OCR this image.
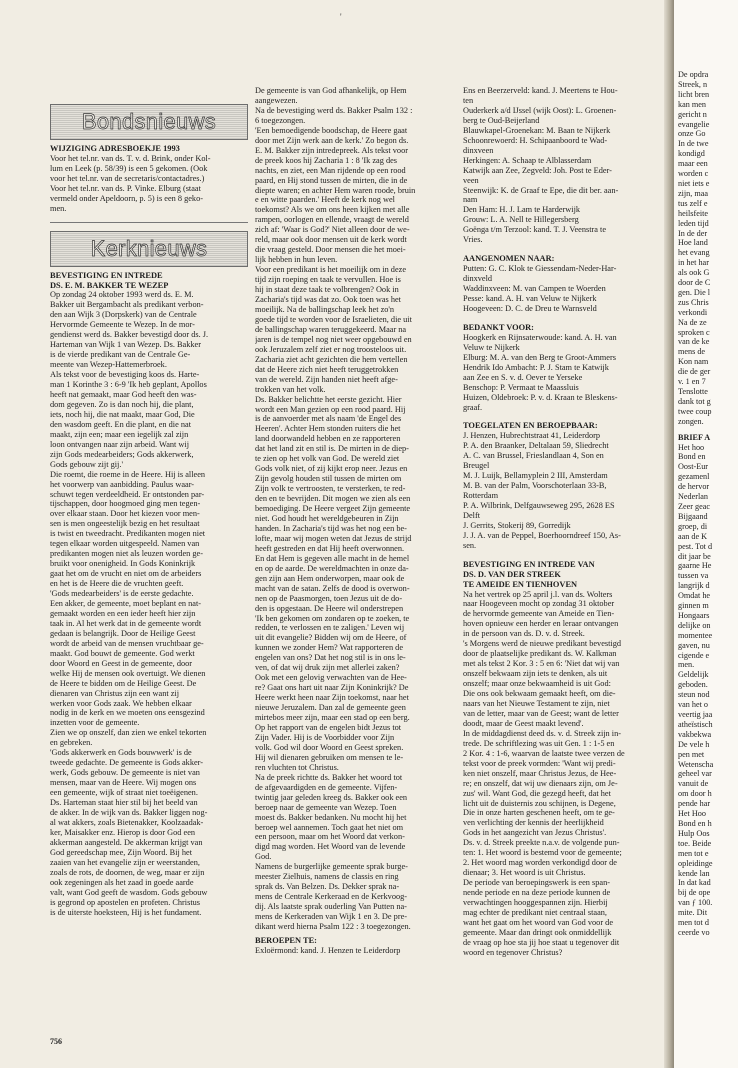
'
Bondsnieuws
WIJZIGING ADRESBOEKJE 1993
Voor het tel.nr. van ds. T. v. d. Brink, onder Kol-
lum en Leek (p. 58/39) is een 5 gekomen. (Ook
voor het tel.nr. van de secretaris/contactadres.)
Voor het tel.nr. van ds. P. Vinke. Elburg (staat
vermeld onder Apeldoorn, p. 5) is een 8 geko-
men.
Kerknieuws
BEVESTIGING EN INTREDE
DS. E. M. BAKKER TE WEZEP
Op zondag 24 oktober 1993 werd ds. E. M.
Bakker uit Bergambacht als predikant verbon-
den aan Wijk 3 (Dorpskerk) van de Centrale
Hervormde Gemeente te Wezep. In de mor-
gendienst werd ds. Bakker bevestigd door ds. J.
Harteman van Wijk 1 van Wezep. Ds. Bakker
is de vierde predikant van de Centrale Ge-
meente van Wezep-Hattemerbroek.
Als tekst voor de bevestiging koos ds. Harte-
man 1 Korinthe 3 : 6-9 'Ik heb geplant, Apollos
heeft nat gemaakt, maar God heeft den was-
dom gegeven. Zo is dan noch hij, die plant,
iets, noch hij, die nat maakt, maar God, Die
den wasdom geeft. En die plant, en die nat
maakt, zijn een; maar een iegelijk zal zijn
loon ontvangen naar zijn arbeid. Want wij
zijn Gods medearbeiders; Gods akkerwerk,
Gods gebouw zijt gij.'
Die roemt, die roeme in de Heere. Hij is alleen
het voorwerp van aanbidding. Paulus waar-
schuwt tegen verdeeldheid. Er ontstonden par-
tijschappen, door hoogmoed ging men tegen-
over elkaar staan. Door het kiezen voor men-
sen is men ongeestelijk bezig en het resultaat
is twist en tweedracht. Predikanten mogen niet
tegen elkaar worden uitgespeeld. Namen van
predikanten mogen niet als leuzen worden ge-
bruikt voor onenigheid. In Gods Koninkrijk
gaat het om de vrucht en niet om de arbeiders
en het is de Heere die de vruchten geeft.
'Gods medearbeiders' is de eerste gedachte.
Een akker, de gemeente, moet beplant en nat-
gemaakt worden en een ieder heeft hier zijn
taak in. Al het werk dat in de gemeente wordt
gedaan is belangrijk. Door de Heilige Geest
wordt de arbeid van de mensen vruchtbaar ge-
maakt. God bouwt de gemeente. God werkt
door Woord en Geest in de gemeente, door
welke Hij de mensen ook overtuigt. We dienen
de Heere te bidden om de Heilige Geest. De
dienaren van Christus zijn een want zij
werken voor Gods zaak. We hebben elkaar
nodig in de kerk en we moeten ons eensgezind
inzetten voor de gemeente.
Zien we op onszelf, dan zien we enkel tekorten
en gebreken.
'Gods akkerwerk en Gods bouwwerk' is de
tweede gedachte. De gemeente is Gods akker-
werk, Gods gebouw. De gemeente is niet van
mensen, maar van de Heere. Wij mogen ons
een gemeente, wijk of straat niet toeëigenen.
Ds. Harteman staat hier stil bij het beeld van
de akker. In de wijk van ds. Bakker liggen nog-
al wat akkers, zoals Bietenakker, Koolzaadak-
ker, Maisakker enz. Hierop is door God een
akkerman aangesteld. De akkerman krijgt van
God gereedschap mee, Zijn Woord. Bij het
zaaien van het evangelie zijn er weerstanden,
zoals de rots, de doornen, de weg, maar er zijn
ook zegeningen als het zaad in goede aarde
valt, want God geeft de wasdom. Gods gebouw
is gegrond op apostelen en profeten. Christus
is de uiterste hoeksteen, Hij is het fundament.
De gemeente is van God afhankelijk, op Hem
aangewezen.
Na de bevestiging werd ds. Bakker Psalm 132 :
6 toegezongen.
'Een bemoedigende boodschap, de Heere gaat
door met Zijn werk aan de kerk.' Zo begon ds.
E. M. Bakker zijn intredepreek. Als tekst voor
de preek koos hij Zacharia 1 : 8 'Ik zag des
nachts, en ziet, een Man rijdende op een rood
paard, en Hij stond tussen de mirten, die in de
diepte waren; en achter Hem waren roode, bruin
e en witte paarden.' Heeft de kerk nog wel
toekomst? Als we om ons heen kijken met alle
rampen, oorlogen en ellende, vraagt de wereld
zich af: 'Waar is God?' Niet alleen door de we-
reld, maar ook door mensen uit de kerk wordt
die vraag gesteld. Door mensen die het moei-
lijk hebben in hun leven.
Voor een predikant is het moeilijk om in deze
tijd zijn roeping en taak te vervullen. Hoe is
hij in staat deze taak te volbrengen? Ook in
Zacharia's tijd was dat zo. Ook toen was het
moeilijk. Na de ballingschap leek het zo'n
goede tijd te worden voor de Israelieten, die uit
de ballingschap waren teruggekeerd. Maar na
jaren is de tempel nog niet weer opgebouwd en
ook Jeruzalem zelf ziet er nog troosteloos uit.
Zacharia ziet acht gezichten die hem vertellen
dat de Heere zich niet heeft teruggetrokken
van de wereld. Zijn handen niet heeft afge-
trokken van het volk.
Ds. Bakker belichtte het eerste gezicht. Hier
wordt een Man gezien op een rood paard. Hij
is de aanvoerder met als naam 'de Engel des
Heeren'. Achter Hem stonden ruiters die het
land doorwandeld hebben en ze rapporteren
dat het land zit en stil is. De mirten in de diep-
te zien op het volk van God. De wereld ziet
Gods volk niet, of zij kijkt erop neer. Jezus en
Zijn gevolg houden stil tussen de mirten om
Zijn volk te vertroosten, te versterken, te red-
den en te bevrijden. Dit mogen we zien als een
bemoediging. De Heere vergeet Zijn gemeente
niet. God houdt het wereldgebeuren in Zijn
handen. In Zacharia's tijd was het nog een be-
lofte, maar wij mogen weten dat Jezus de strijd
heeft gestreden en dat Hij heeft overwonnen.
En dat Hem is gegeven alle macht in de hemel
en op de aarde. De wereldmachten in onze da-
gen zijn aan Hem onderworpen, maar ook de
macht van de satan. Zelfs de dood is overwon-
nen op de Paasmorgen, toen Jezus uit de do-
den is opgestaan. De Heere wil onderstrepen
'Ik ben gekomen om zondaren op te zoeken, te
redden, te verlossen en te zaligen.' Leven wij
uit dit evangelie? Bidden wij om de Heere, of
kunnen we zonder Hem? Wat rapporteren de
engelen van ons? Dat het nog stil is in ons le-
ven, of dat wij druk zijn met allerlei zaken?
Ook met een gelovig verwachten van de Hee-
re? Gaat ons hart uit naar Zijn Koninkrijk? De
Heere werkt heen naar Zijn toekomst, naar het
nieuwe Jeruzalem. Dan zal de gemeente geen
mirtebos meer zijn, maar een stad op een berg.
Op het rapport van de engelen bidt Jezus tot
Zijn Vader. Hij is de Voorbidder voor Zijn
volk. God wil door Woord en Geest spreken.
Hij wil dienaren gebruiken om mensen te le-
ren vluchten tot Christus.
Na de preek richtte ds. Bakker het woord tot
de afgevaardigden en de gemeente. Vijfen-
twintig jaar geleden kreeg ds. Bakker ook een
beroep naar de gemeente van Wezep. Toen
moest ds. Bakker bedanken. Nu mocht hij het
beroep wel aannemen. Toch gaat het niet om
een persoon, maar om het Woord dat verkon-
digd mag worden. Het Woord van de levende
God.
Namens de burgerlijke gemeente sprak burge-
meester Zielhuis, namens de classis en ring
sprak ds. Van Belzen. Ds. Dekker sprak na-
mens de Centrale Kerkeraad en de Kerkvoog-
dij. Als laatste sprak ouderling Van Putten na-
mens de Kerkeraden van Wijk 1 en 3. De pre-
dikant werd hierna Psalm 122 : 3 toegezongen.
BEROEPEN TE:
Exloërmond: kand. J. Henzen te Leiderdorp
Ens en Beerzerveld: kand. J. Meertens te Hou-
ten
Ouderkerk a/d IJssel (wijk Oost): L. Groenen-
berg te Oud-Beijerland
Blauwkapel-Groenekan: M. Baan te Nijkerk
Schoonrewoerd: H. Schipaanboord te Wad-
dinxveen
Herkingen: A. Schaap te Alblasserdam
Katwijk aan Zee, Zegveld: Joh. Post te Eder-
veen
Steenwijk: K. de Graaf te Epe, die dit ber. aan-
nam
Den Ham: H. J. Lam te Harderwijk
Grouw: L. A. Nell te Hillegersberg
Goënga t/m Terzool: kand. T. J. Veenstra te
Vries.
AANGENOMEN NAAR:
Putten: G. C. Klok te Giessendam-Neder-Har-
dinxveld
Waddinxveen: M. van Campen te Woerden
Pesse: kand. A. H. van Veluw te Nijkerk
Hoogeveen: D. C. de Dreu te Warnsveld
BEDANKT VOOR:
Hoogkerk en Rijnsaterwoude: kand. A. H. van
Veluw te Nijkerk
Elburg: M. A. van den Berg te Groot-Ammers
Hendrik Ido Ambacht: P. J. Stam te Katwijk
aan Zee en S. v. d. Oever te Yerseke
Benschop: P. Vermaat te Maassluis
Huizen, Oldebroek: P. v. d. Kraan te Bleskens-
graaf.
TOEGELATEN EN BEROEPBAAR:
J. Henzen, Hubrechtstraat 41, Leiderdorp
P. A. den Braanker, Deltalaan 59, Sliedrecht
A. C. van Brussel, Frieslandlaan 4, Son en
Breugel
M. J. Luijk, Bellamyplein 2 III, Amsterdam
M. B. van der Palm, Voorschoterlaan 33-B,
Rotterdam
P. A. Wilbrink, Delfgauwseweg 295, 2628 ES
Delft
J. Gerrits, Stokerij 89, Gorredijk
J. J. A. van de Peppel, Boerhoorndreef 150, As-
sen.
BEVESTIGING EN INTREDE VAN
DS. D. VAN DER STREEK
TE AMEIDE EN TIENHOVEN
Na het vertrek op 25 april j.l. van ds. Wolters
naar Hoogeveen mocht op zondag 31 oktober
de hervormde gemeente van Ameide en Tien-
hoven opnieuw een herder en leraar ontvangen
in de persoon van ds. D. v. d. Streek.
's Morgens werd de nieuwe predikant bevestigd
door de plaatselijke predikant ds. W. Kalkman
met als tekst 2 Kor. 3 : 5 en 6: 'Niet dat wij van
onszelf bekwaam zijn iets te denken, als uit
onszelf; maar onze bekwaamheid is uit God:
Die ons ook bekwaam gemaakt heeft, om die-
naars van het Nieuwe Testament te zijn, niet
van de letter, maar van de Geest; want de letter
doodt, maar de Geest maakt levend'.
In de middagdienst deed ds. v. d. Streek zijn in-
trede. De schriftlezing was uit Gen. 1 : 1-5 en
2 Kor. 4 : 1-6, waarvan de laatste twee verzen de
tekst voor de preek vormden: 'Want wij predi-
ken niet onszelf, maar Christus Jezus, de Hee-
re; en onszelf, dat wij uw dienaars zijn, om Je-
zus' wil. Want God, die gezegd heeft, dat het
licht uit de duisternis zou schijnen, is Degene,
Die in onze harten geschenen heeft, om te ge-
ven verlichting der kennis der heerlijkheid
Gods in het aangezicht van Jezus Christus'.
Ds. v. d. Streek preekte n.a.v. de volgende pun-
ten: 1. Het woord is bestemd voor de gemeente;
2. Het woord mag worden verkondigd door de
dienaar; 3. Het woord is uit Christus.
De periode van beroepingswerk is een span-
nende periode en na deze periode kunnen de
verwachtingen hooggespannen zijn. Hierbij
mag echter de predikant niet centraal staan,
want het gaat om het woord van God voor de
gemeente. Maar dan dringt ook onmiddellijk
de vraag op hoe sta jij hoe staat u tegenover dit
woord en tegenover Christus?
756
De opdra
Streek, n
licht bren
kan men
gericht n
evangelie
onze Go
In de twe
kondigd
maar een
worden c
niet iets e
zijn, maa
tus zelf e
heilsfeite
leden tijd
In de der
Hoe land
het evang
in het har
als ook G
door de C
gen. Die l
zus Chris
verkondi
Na de ze
sproken c
van de ke
mens de
Kon nam
die de ger
v. 1 en 7
Tenslotte
dank tot g
twee coup
zongen.
BRIEF A
Het hoo
Bond en
Oost-Eur
gezamenl
de hervor
Nederlan
Zeer geac
Bijgaand
groep, di
aan de K
pest. Tot d
dit jaar be
gaarne He
tussen va
langrijk d
Omdat he
ginnen m
Hongaars
delijke on
momentee
gaven, nu
cigende e
men.
Geldelijk
geboden.
steun nod
van het o
veertig jaa
atheïstisch
vakbekwa
De vele h
pen met
Wetenscha
geheel var
vanuit de
om door h
pende har
Het Hoo
Bond en h
Hulp Oos
toe. Beide
men tot e
opleidinge
kende lan
In dat kad
bij de ope
van ƒ 100.
mite. Dit
men tot d
ceerde vo
